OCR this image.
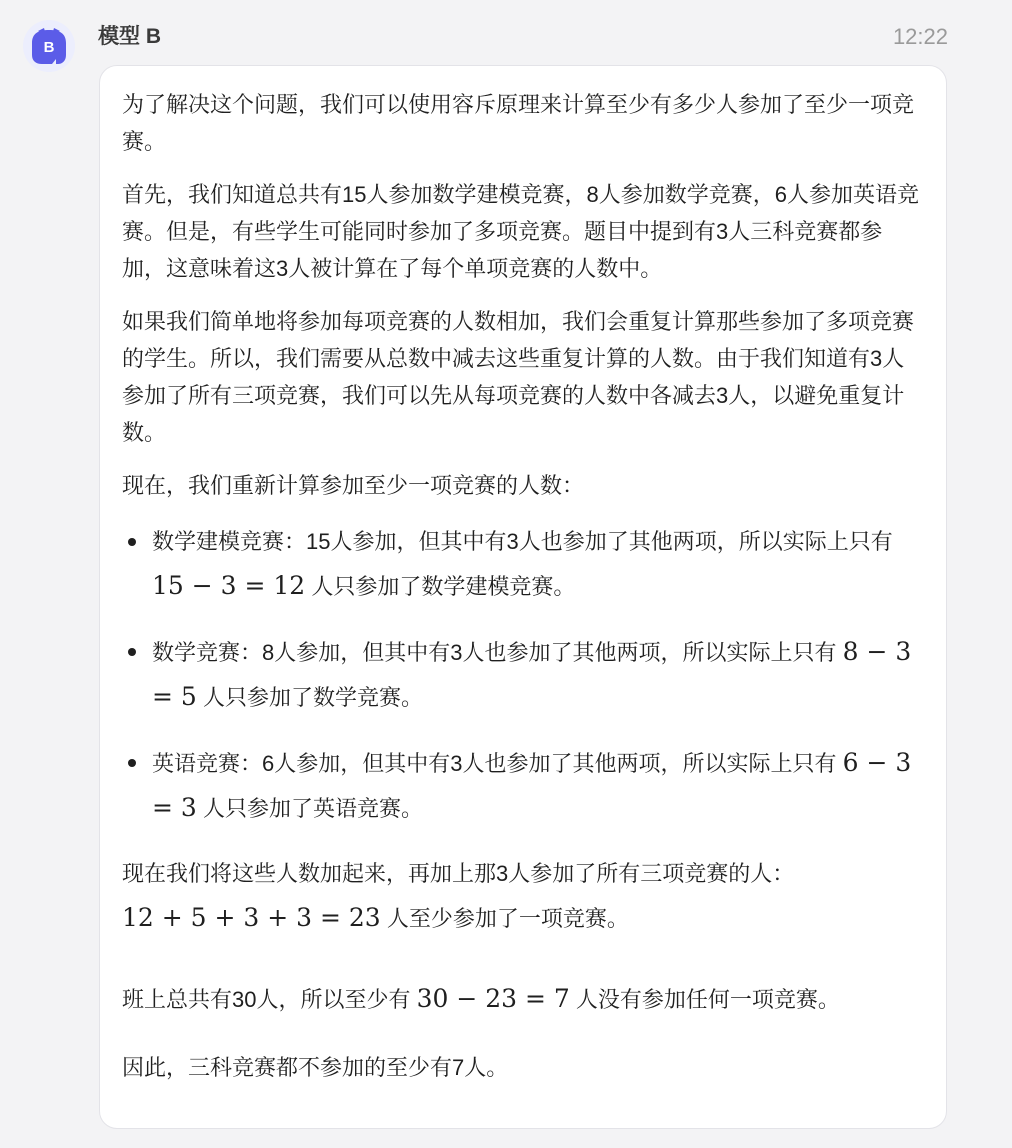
B 模型 B	12:22

为了解决这个问题，我们可以使用容斥原理来计算至少有多少人参加了至少一项竞赛。

首先，我们知道总共有15人参加数学建模竞赛，8人参加数学竞赛，6人参加英语竞赛。但是，有些学生可能同时参加了多项竞赛。题目中提到有3人三科竞赛都参加，这意味着这3人被计算在了每个单项竞赛的人数中。

如果我们简单地将参加每项竞赛的人数相加，我们会重复计算那些参加了多项竞赛的学生。所以，我们需要从总数中减去这些重复计算的人数。由于我们知道有3人参加了所有三项竞赛，我们可以先从每项竞赛的人数中各减去3人，以避免重复计数。

现在，我们重新计算参加至少一项竞赛的人数：

数学建模竞赛：15人参加，但其中有3人也参加了其他两项，所以实际上只有 15 − 3 = 12 人只参加了数学建模竞赛。
数学竞赛：8人参加，但其中有3人也参加了其他两项，所以实际上只有 8 − 3 = 5 人只参加了数学竞赛。
英语竞赛：6人参加，但其中有3人也参加了其他两项，所以实际上只有 6 − 3 = 3 人只参加了英语竞赛。

现在我们将这些人数加起来，再加上那3人参加了所有三项竞赛的人：
12 + 5 + 3 + 3 = 23 人至少参加了一项竞赛。

班上总共有30人，所以至少有 30 − 23 = 7 人没有参加任何一项竞赛。

因此，三科竞赛都不参加的至少有7人。
